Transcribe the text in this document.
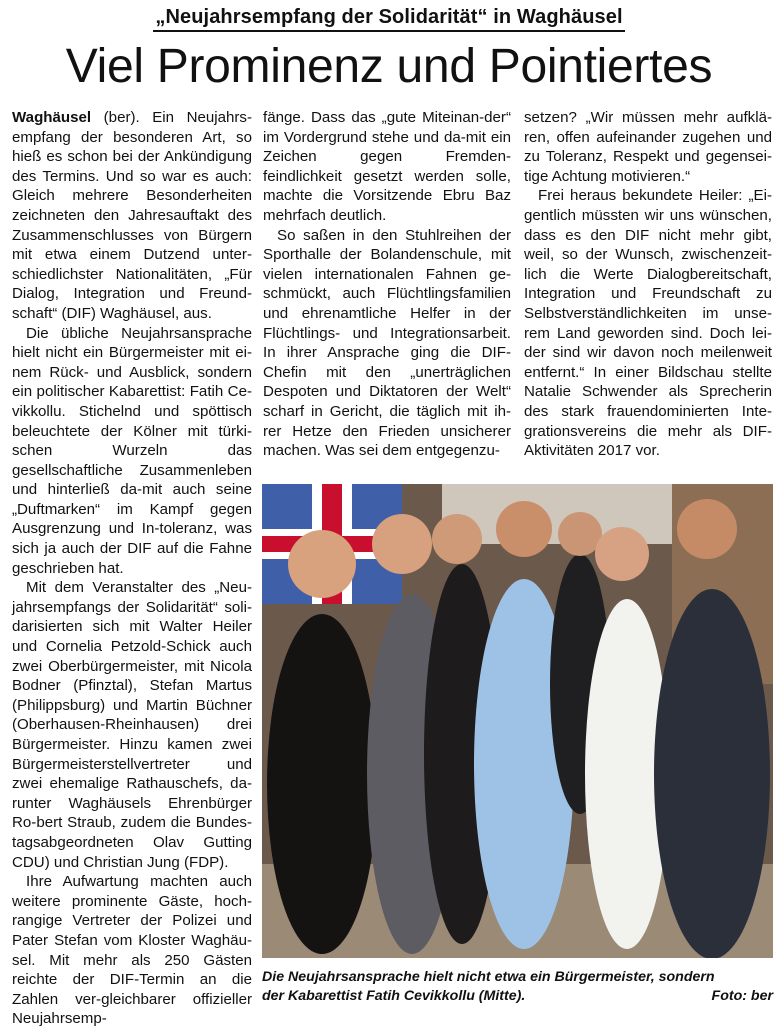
„Neujahrsempfang der Solidarität“ in Waghäusel
Viel Prominenz und Pointiertes

Waghäusel (ber). Ein Neujahrs-empfang der besonderen Art, so hieß es schon bei der Ankündigung des Termins. Und so war es auch: Gleich mehrere Besonderheiten zeichneten den Jahresauftakt des Zusammenschlusses von Bürgern mit etwa einem Dutzend unter-schiedlichster Nationalitäten, „Für Dialog, Integration und Freund-schaft“ (DIF) Waghäusel, aus.

Die übliche Neujahrsansprache hielt nicht ein Bürgermeister mit ei-nem Rück- und Ausblick, sondern ein politischer Kabarettist: Fatih Ce-vikkollu. Stichelnd und spöttisch beleuchtete der Kölner mit türki-schen Wurzeln das gesellschaftliche Zusammenleben und hinterließ da-mit auch seine „Duftmarken“ im Kampf gegen Ausgrenzung und In-toleranz, was sich ja auch der DIF auf die Fahne geschrieben hat.

Mit dem Veranstalter des „Neu-jahrsempfangs der Solidarität“ soli-darisierten sich mit Walter Heiler und Cornelia Petzold-Schick auch zwei Oberbürgermeister, mit Nicola Bodner (Pfinztal), Stefan Martus (Philippsburg) und Martin Büchner (Oberhausen-Rheinhausen) drei Bürgermeister. Hinzu kamen zwei Bürgermeisterstellvertreter und zwei ehemalige Rathauschefs, da-runter Waghäusels Ehrenbürger Ro-bert Straub, zudem die Bundes-tagsabgeordneten Olav Gutting CDU) und Christian Jung (FDP).

Ihre Aufwartung machten auch weitere prominente Gäste, hoch-rangige Vertreter der Polizei und Pater Stefan vom Kloster Waghäu-sel. Mit mehr als 250 Gästen reichte der DIF-Termin an die Zahlen ver-gleichbarer offizieller Neujahrsemp-

fänge. Dass das „gute Miteinan-der“ im Vordergrund stehe und da-mit ein Zeichen gegen Fremden-feindlichkeit gesetzt werden solle, machte die Vorsitzende Ebru Baz mehrfach deutlich.

So saßen in den Stuhlreihen der Sporthalle der Bolandenschule, mit vielen internationalen Fahnen ge-schmückt, auch Flüchtlingsfamilien und ehrenamtliche Helfer in der Flüchtlings- und Integrationsarbeit. In ihrer Ansprache ging die DIF-Chefin mit den „unerträglichen Despoten und Diktatoren der Welt“ scharf in Gericht, die täglich mit ih-rer Hetze den Frieden unsicherer machen. Was sei dem entgegenzu-

setzen? „Wir müssen mehr aufklä-ren, offen aufeinander zugehen und zu Toleranz, Respekt und gegensei-tige Achtung motivieren.“

Frei heraus bekundete Heiler: „Ei-gentlich müssten wir uns wünschen, dass es den DIF nicht mehr gibt, weil, so der Wunsch, zwischenzeit-lich die Werte Dialogbereitschaft, Integration und Freundschaft zu Selbstverständlichkeiten im unse-rem Land geworden sind. Doch lei-der sind wir davon noch meilenweit entfernt.“ In einer Bildschau stellte Natalie Schwender als Sprecherin des stark frauendominierten Inte-grationsvereins die mehr als DIF-Aktivitäten 2017 vor.

Die Neujahrsansprache hielt nicht etwa ein Bürgermeister, sondern
der Kabarettist Fatih Cevikkollu (Mitte).	Foto: ber
